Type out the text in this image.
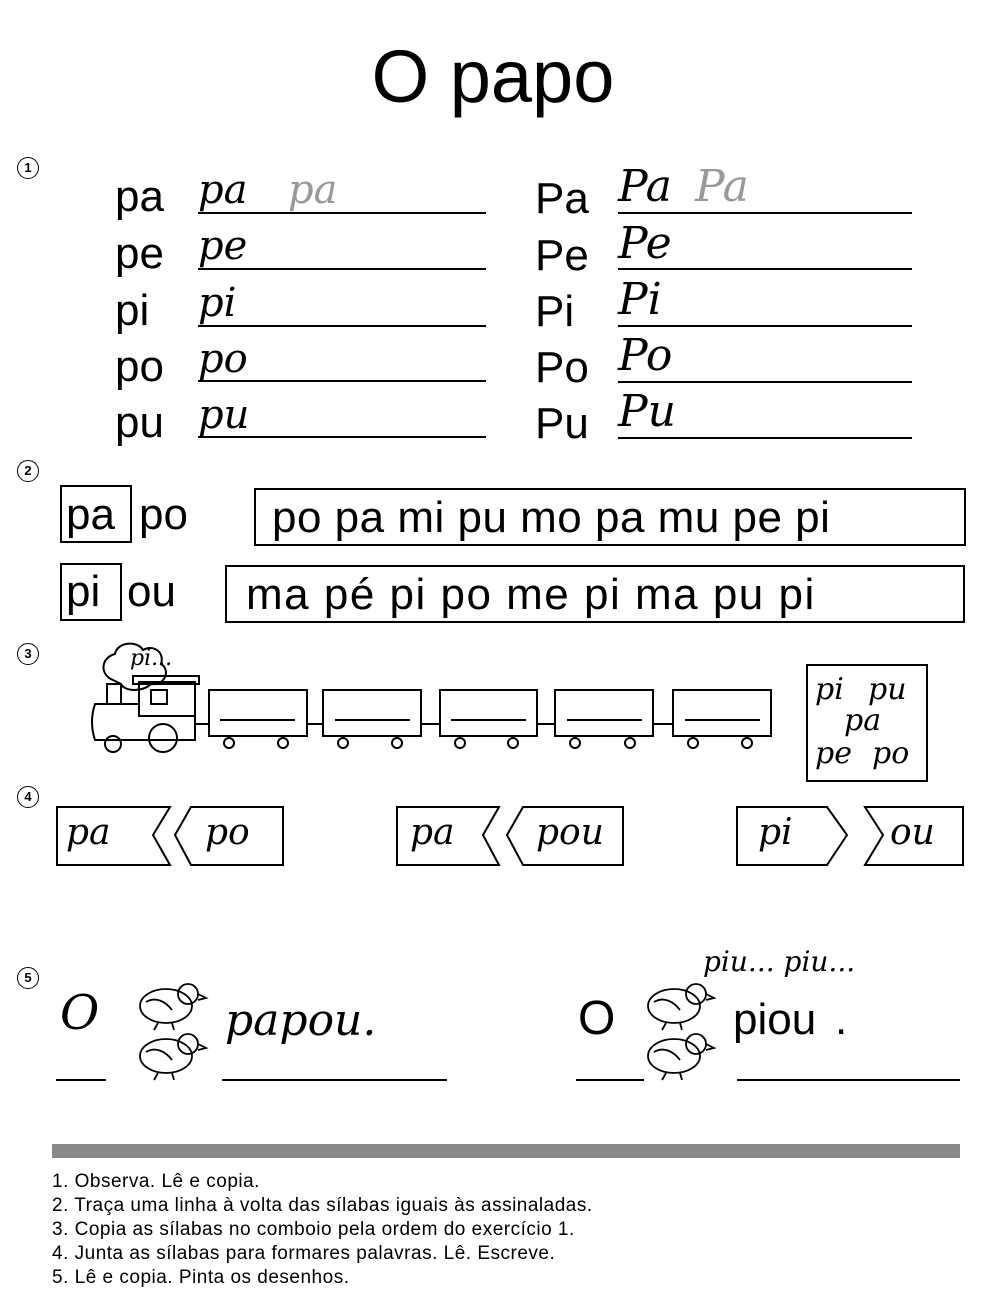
O papo
1
2
3
4
5
pa pa pa
pe pe
pi pi
po po
pu pu
Pa Pa Pa
Pe Pe
Pi Pi
Po Po
Pu Pu
pa po po pa mi pu mo pa mu pe pi
pi ou ma pé pi po me pi ma pu pi
pi...
pi pu
pa
pe po
pa	po	pa pou	pi	ou
O	papou.
piu... piu...
O	piou .
1. Observa. Lê e copia.
2. Traça uma linha à volta das sílabas iguais às assinaladas.
3. Copia as sílabas no comboio pela ordem do exercício 1.
4. Junta as sílabas para formares palavras. Lê. Escreve.
5. Lê e copia. Pinta os desenhos.
